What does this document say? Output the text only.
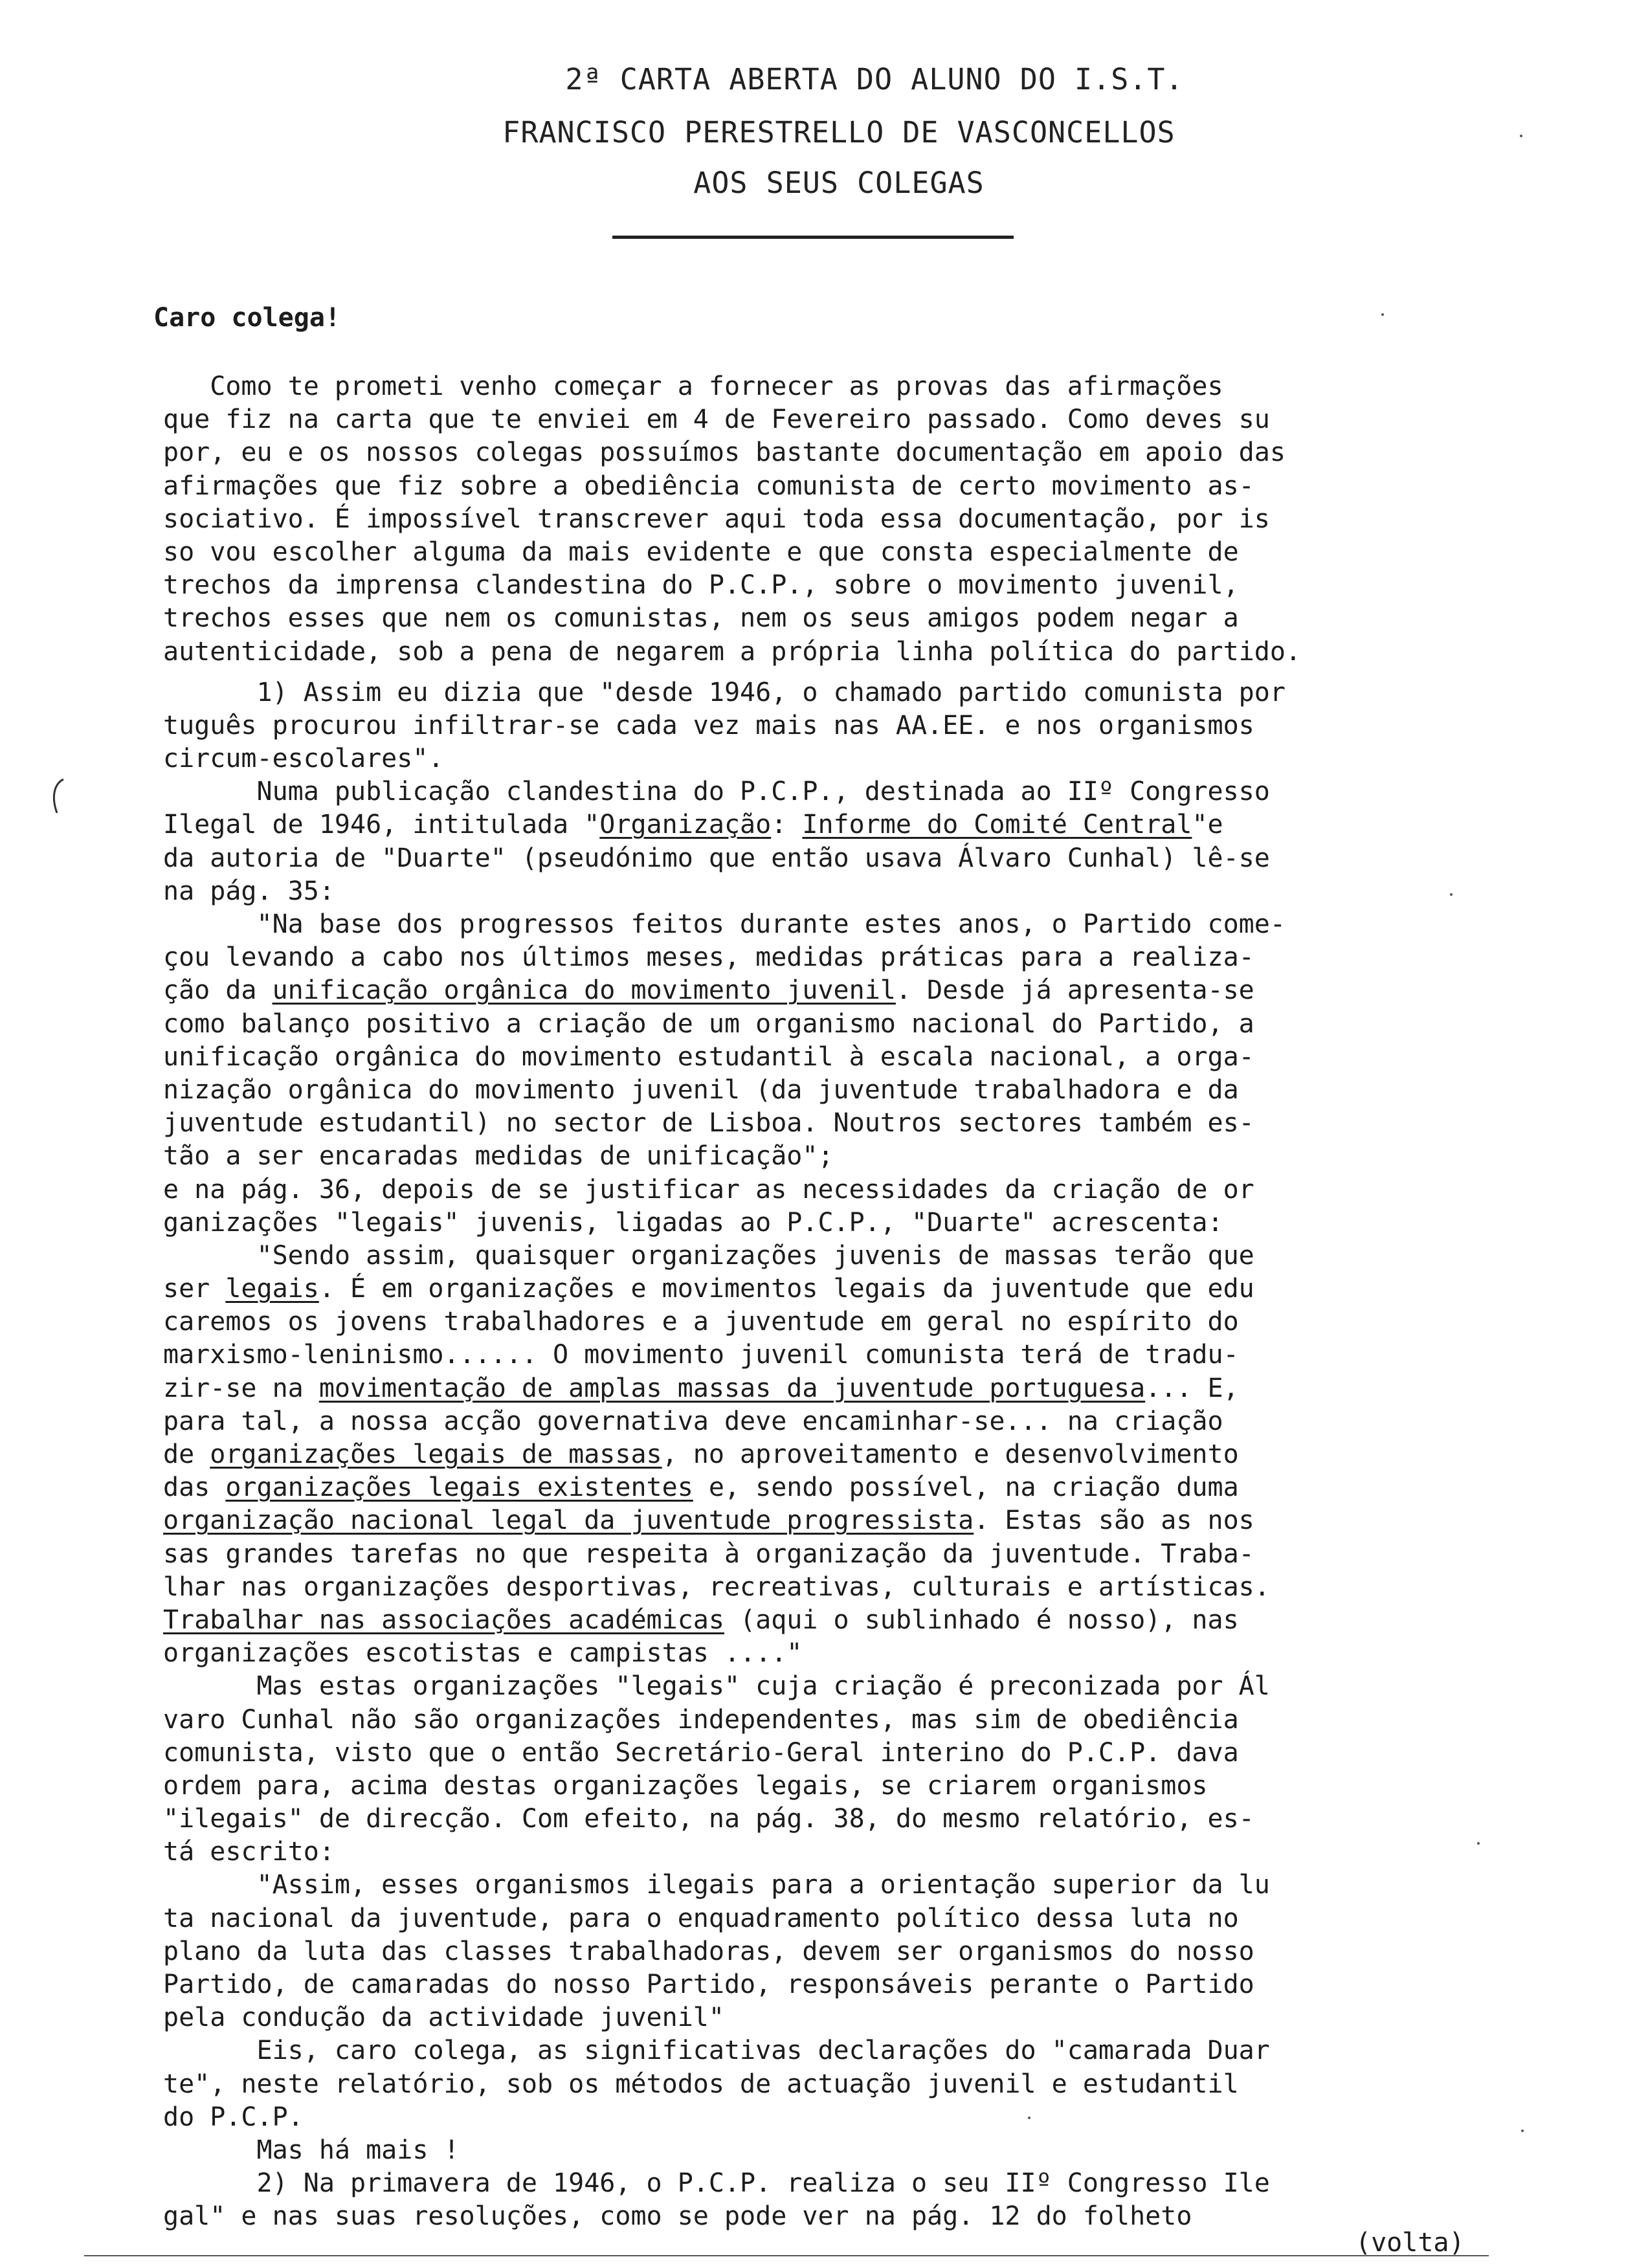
2ª CARTA ABERTA DO ALUNO DO I.S.T.
FRANCISCO PERESTRELLO DE VASCONCELLOS
AOS SEUS COLEGAS
Caro colega!
Como te prometi venho começar a fornecer as provas das afirmações
que fiz na carta que te enviei em 4 de Fevereiro passado. Como deves su
por, eu e os nossos colegas possuímos bastante documentação em apoio das
afirmações que fiz sobre a obediência comunista de certo movimento as-
sociativo. É impossível transcrever aqui toda essa documentação, por is
so vou escolher alguma da mais evidente e que consta especialmente de
trechos da imprensa clandestina do P.C.P., sobre o movimento juvenil,
trechos esses que nem os comunistas, nem os seus amigos podem negar a
autenticidade, sob a pena de negarem a própria linha política do partido.
1) Assim eu dizia que "desde 1946, o chamado partido comunista por
tuguês procurou infiltrar-se cada vez mais nas AA.EE. e nos organismos
circum-escolares".
Numa publicação clandestina do P.C.P., destinada ao IIº Congresso
Ilegal de 1946, intitulada "Organização: Informe do Comité Central"e
da autoria de "Duarte" (pseudónimo que então usava Álvaro Cunhal) lê-se
na pág. 35:
"Na base dos progressos feitos durante estes anos, o Partido come-
çou levando a cabo nos últimos meses, medidas práticas para a realiza-
ção da unificação orgânica do movimento juvenil. Desde já apresenta-se
como balanço positivo a criação de um organismo nacional do Partido, a
unificação orgânica do movimento estudantil à escala nacional, a orga-
nização orgânica do movimento juvenil (da juventude trabalhadora e da
juventude estudantil) no sector de Lisboa. Noutros sectores também es-
tão a ser encaradas medidas de unificação";
e na pág. 36, depois de se justificar as necessidades da criação de or
ganizações "legais" juvenis, ligadas ao P.C.P., "Duarte" acrescenta:
"Sendo assim, quaisquer organizações juvenis de massas terão que
ser legais. É em organizações e movimentos legais da juventude que edu
caremos os jovens trabalhadores e a juventude em geral no espírito do
marxismo-leninismo...... O movimento juvenil comunista terá de tradu-
zir-se na movimentação de amplas massas da juventude portuguesa... E,
para tal, a nossa acção governativa deve encaminhar-se... na criação
de organizações legais de massas, no aproveitamento e desenvolvimento
das organizações legais existentes e, sendo possível, na criação duma
organização nacional legal da juventude progressista. Estas são as nos
sas grandes tarefas no que respeita à organização da juventude. Traba-
lhar nas organizações desportivas, recreativas, culturais e artísticas.
Trabalhar nas associações académicas (aqui o sublinhado é nosso), nas
organizações escotistas e campistas ...."
Mas estas organizações "legais" cuja criação é preconizada por Ál
varo Cunhal não são organizações independentes, mas sim de obediência
comunista, visto que o então Secretário-Geral interino do P.C.P. dava
ordem para, acima destas organizações legais, se criarem organismos
"ilegais" de direcção. Com efeito, na pág. 38, do mesmo relatório, es-
tá escrito:
"Assim, esses organismos ilegais para a orientação superior da lu
ta nacional da juventude, para o enquadramento político dessa luta no
plano da luta das classes trabalhadoras, devem ser organismos do nosso
Partido, de camaradas do nosso Partido, responsáveis perante o Partido
pela condução da actividade juvenil"
Eis, caro colega, as significativas declarações do "camarada Duar
te", neste relatório, sob os métodos de actuação juvenil e estudantil
do P.C.P.
Mas há mais !
2) Na primavera de 1946, o P.C.P. realiza o seu IIº Congresso Ile
gal" e nas suas resoluções, como se pode ver na pág. 12 do folheto
(volta)
